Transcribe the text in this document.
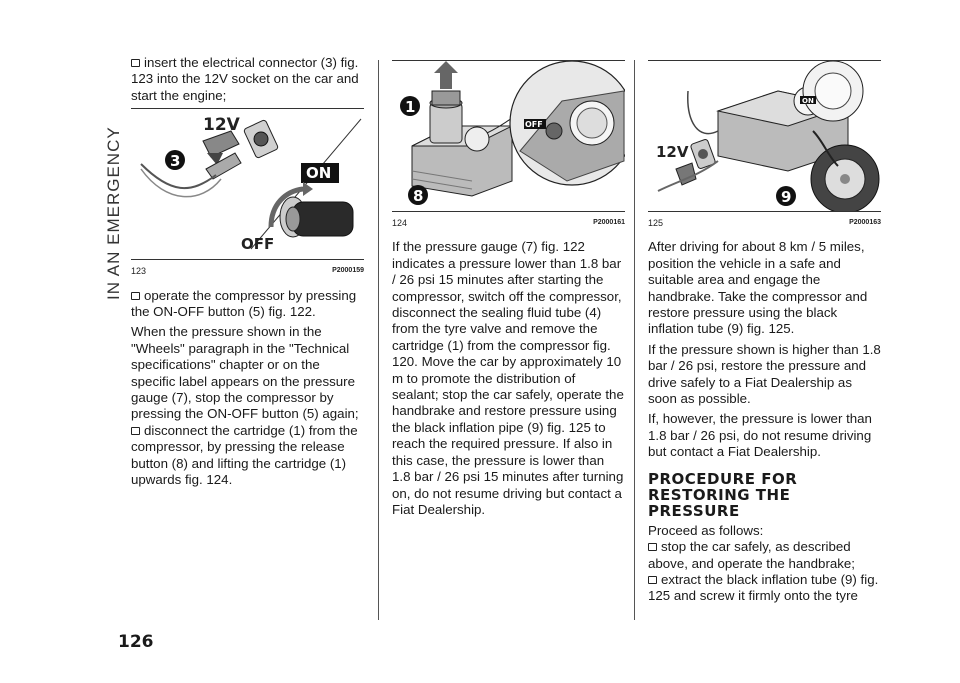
IN AN EMERGENCY
126

insert the electrical connector (3) fig. 123 into the 12V socket on the car and start the engine;

12V
3
ON
OFF
123	P2000159

operate the compressor by pressing the ON-OFF button (5) fig. 122.

When the pressure shown in the "Wheels" paragraph in the "Technical specifications" chapter or on the specific label appears on the pressure gauge (7), stop the compressor by pressing the ON-OFF button (5) again;

disconnect the cartridge (1) from the compressor, by pressing the release button (8) and lifting the cartridge (1) upwards fig. 124.

1
8
OFF
124	P2000161

If the pressure gauge (7) fig. 122 indicates a pressure lower than 1.8 bar / 26 psi 15 minutes after starting the compressor, switch off the compressor, disconnect the sealing fluid tube (4) from the tyre valve and remove the cartridge (1) from the compressor fig. 120. Move the car by approximately 10 m to promote the distribution of sealant; stop the car safely, operate the handbrake and restore pressure using the black inflation pipe (9) fig. 125 to reach the required pressure. If also in this case, the pressure is lower than 1.8 bar / 26 psi 15 minutes after turning on, do not resume driving but contact a Fiat Dealership.

ON
12V
9
125	P2000163

After driving for about 8 km / 5 miles, position the vehicle in a safe and suitable area and engage the handbrake. Take the compressor and restore pressure using the black inflation tube (9) fig. 125.

If the pressure shown is higher than 1.8 bar / 26 psi, restore the pressure and drive safely to a Fiat Dealership as soon as possible.

If, however, the pressure is lower than 1.8 bar / 26 psi, do not resume driving but contact a Fiat Dealership.

PROCEDURE FOR RESTORING THE PRESSURE

Proceed as follows:

stop the car safely, as described above, and operate the handbrake;

extract the black inflation tube (9) fig. 125 and screw it firmly onto the tyre
